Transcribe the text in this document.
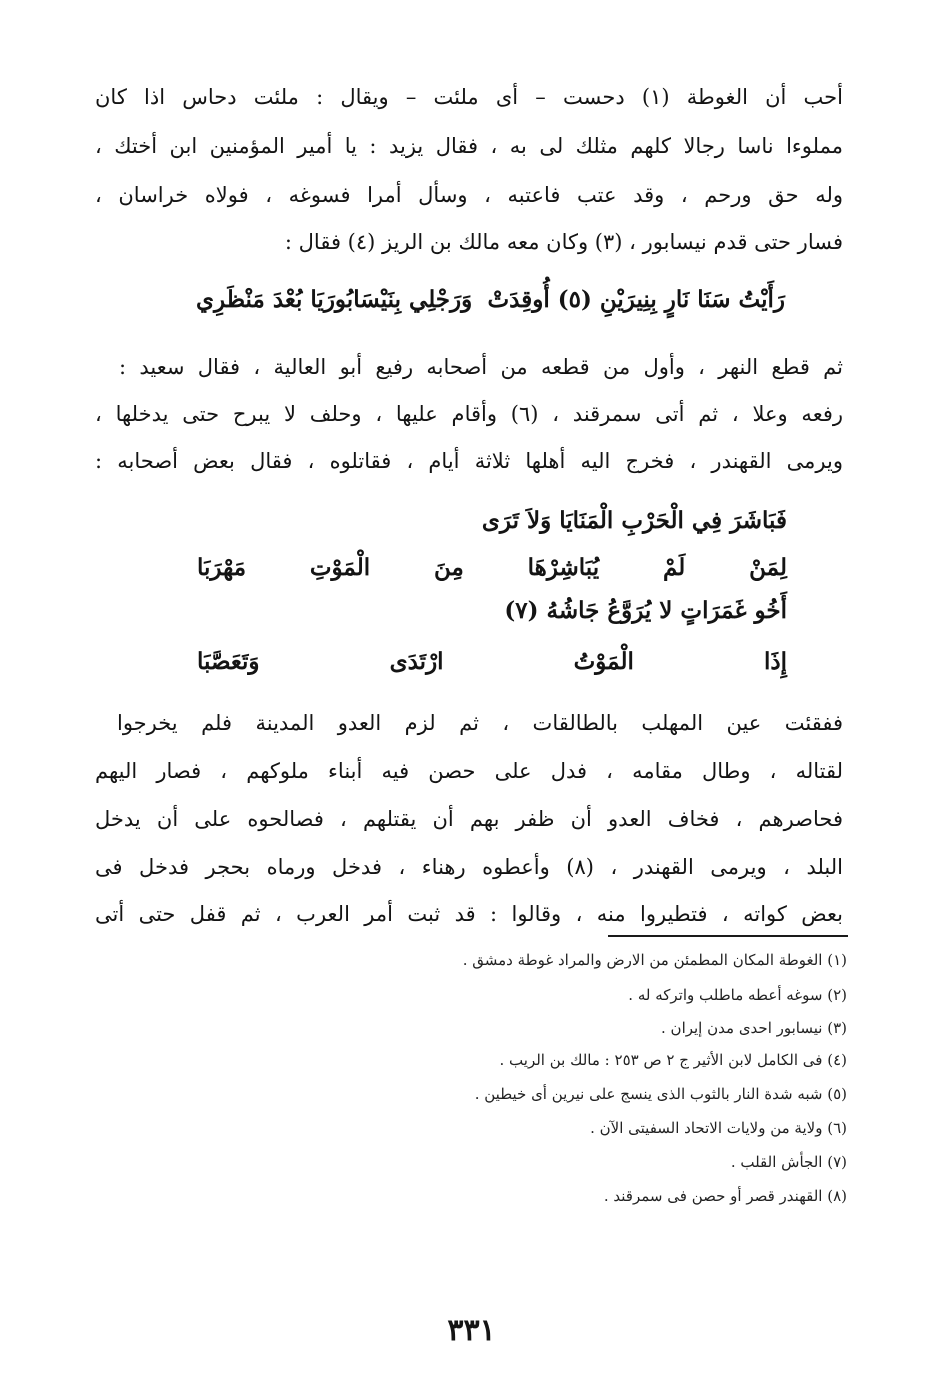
أحب أن الغوطة (١) دحست – أى ملئت – ويقال : ملئت دحاس اذا كان
مملوءا ناسا رجالا كلهم مثلك لى به ، فقال يزيد : يا أمير المؤمنين ابن أختك ،
وله حق ورحم ، وقد عتب فاعتبه ، وسأل أمرا فسوغه ، فولاه خراسان ،
فسار حتى قدم نيسابور ، (٣) وكان معه مالك بن الريز (٤) فقال :
رَأَيْتُ سَنَا نَارٍ بِنِيرَيْنِ (٥) أُوقِدَتْ
وَرَجْلِي بِنَيْسَابُورَيَا بُعْدَ مَنْظَرِي
ثم قطع النهر ، وأول من قطعه من أصحابه رفيع أبو العالية ، فقال سعيد :
رفعه وعلا ، ثم أتى سمرقند ، (٦) وأقام عليها ، وحلف لا يبرح حتى يدخلها ،
ويرمى القهندر ، فخرج اليه أهلها ثلاثة أيام ، فقاتلوه ، فقال بعض أصحابه :
فَبَاشَرَ فِي الْحَرْبِ الْمَنَايَا وَلاَ تَرَى
لِمَنْ لَمْ يُبَاشِرْهَا مِنَ الْمَوْتِ مَهْرَبَا
أَخُو غَمَرَاتٍ لا يُرَوَّعُ جَاشُهُ (٧)
إِذَا الْمَوْتُ ارْتَدَى وَتَعَصَّبَا
ففقئت عين المهلب بالطالقات ، ثم لزم العدو المدينة فلم يخرجوا
لقتاله ، وطال مقامه ، فدل على حصن فيه أبناء ملوكهم ، فصار اليهم
فحاصرهم ، فخاف العدو أن ظفر بهم أن يقتلهم ، فصالحوه على أن يدخل
البلد ، ويرمى القهندر ، (٨) وأعطوه رهناء ، فدخل ورماه بحجر فدخل فى
بعض كواته ، فتطيروا منه ، وقالوا : قد ثبت أمر العرب ، ثم قفل حتى أتى
(١) الغوطة المكان المطمئن من الارض والمراد غوطة دمشق .
(٢) سوغه أعطه ماطلب واتركه له .
(٣) نيسابور احدى مدن إيران .
(٤) فى الكامل لابن الأثير ج ٢ ص ٢٥٣ : مالك بن الريب .
(٥) شبه شدة النار بالثوب الذى ينسج على نيرين أى خيطين .
(٦) ولاية من ولايات الاتحاد السفيتى الآن .
(٧) الجأش القلب .
(٨) القهندر قصر أو حصن فى سمرقند .
٣٣١
